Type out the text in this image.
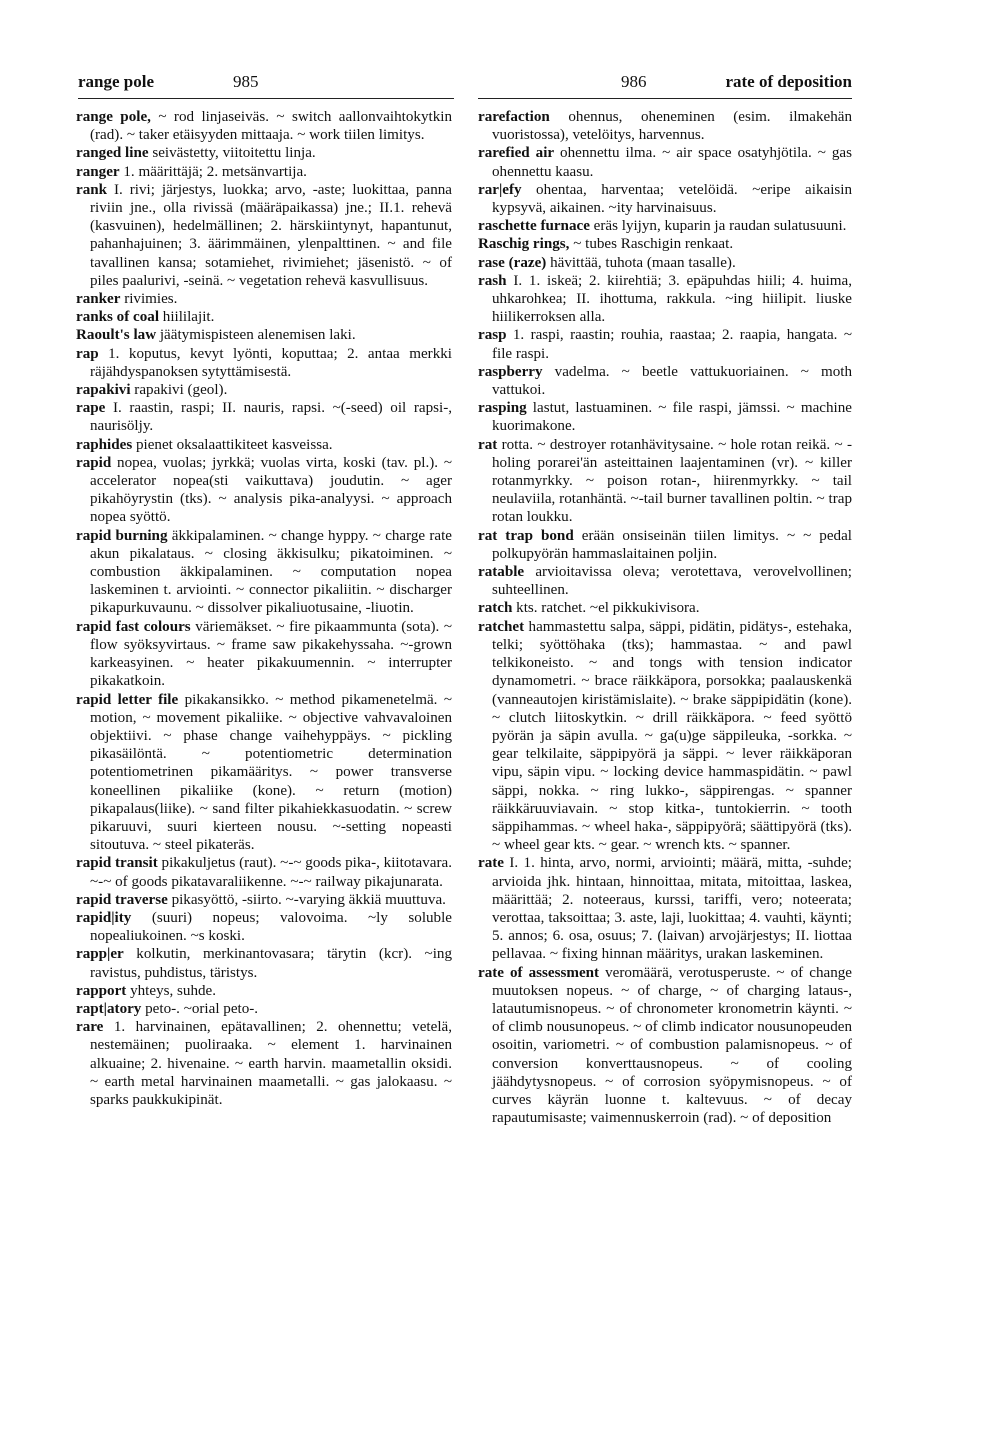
range pole	985	986	rate of deposition

range pole, ~ rod linjaseiväs. ~ switch aallonvaihtokytkin (rad). ~ taker etäisyyden mittaaja. ~ work tiilen limitys.

ranged line seivästetty, viitoitettu linja.

ranger 1. määrittäjä; 2. metsänvartija.

rank I. rivi; järjestys, luokka; arvo, -aste; luokittaa, panna riviin jne., olla rivissä (määräpaikassa) jne.; II.1. rehevä (kasvuinen), hedelmällinen; 2. härskiintynyt, hapantunut, pahanhajuinen; 3. äärimmäinen, ylenpalttinen. ~ and file tavallinen kansa; sotamiehet, rivimiehet; jäsenistö. ~ of piles paalurivi, -seinä. ~ vegetation rehevä kasvullisuus.

ranker rivimies.

ranks of coal hiililajit.

Raoult's law jäätymispisteen alenemisen laki.

rap 1. koputus, kevyt lyönti, koputtaa; 2. antaa merkki räjähdyspanoksen sytyttämisestä.

rapakivi rapakivi (geol).

rape I. raastin, raspi; II. nauris, rapsi. ~(-seed) oil rapsi-, naurisöljy.

raphides pienet oksalaattikiteet kasveissa.

rapid nopea, vuolas; jyrkkä; vuolas virta, koski (tav. pl.). ~ accelerator nopea(sti vaikuttava) joudutin. ~ ager pikahöyrystin (tks). ~ analysis pika-analyysi. ~ approach nopea syöttö.

rapid burning äkkipalaminen. ~ change hyppy. ~ charge rate akun pikalataus. ~ closing äkkisulku; pikatoiminen. ~ combustion äkkipalaminen. ~ computation nopea laskeminen t. arviointi. ~ connector pikaliitin. ~ discharger pikapurkuvaunu. ~ dissolver pikaliuotusaine, -liuotin.

rapid fast colours väriemäkset. ~ fire pikaammunta (sota). ~ flow syöksyvirtaus. ~ frame saw pikakehyssaha. ~-grown karkeasyinen. ~ heater pikakuumennin. ~ interrupter pikakatkoin.

rapid letter file pikakansikko. ~ method pikamenetelmä. ~ motion, ~ movement pikaliike. ~ objective vahvavaloinen objektiivi. ~ phase change vaihehyppäys. ~ pickling pikasäilöntä. ~ potentiometric determination potentiometrinen pikamääritys. ~ power transverse koneellinen pikaliike (kone). ~ return (motion) pikapalaus(liike). ~ sand filter pikahiekkasuodatin. ~ screw pikaruuvi, suuri kierteen nousu. ~-setting nopeasti sitoutuva. ~ steel pikateräs.

rapid transit pikakuljetus (raut). ~-~ goods pika-, kiitotavara. ~-~ of goods pikatavaraliikenne. ~-~ railway pikajunarata.

rapid traverse pikasyöttö, -siirto. ~-varying äkkiä muuttuva.

rapid|ity (suuri) nopeus; valovoima. ~ly soluble nopealiukoinen. ~s koski.

rapp|er kolkutin, merkinantovasara; tärytin (kcr). ~ing ravistus, puhdistus, täristys.

rapport yhteys, suhde.

rapt|atory peto-. ~orial peto-.

rare 1. harvinainen, epätavallinen; 2. ohennettu; vetelä, nestemäinen; puoliraaka. ~ element 1. harvinainen alkuaine; 2. hivenaine. ~ earth harvin. maametallin oksidi. ~ earth metal harvinainen maametalli. ~ gas jalokaasu. ~ sparks paukkukipinät.

rarefaction ohennus, oheneminen (esim. ilmakehän vuoristossa), vetelöitys, harvennus.

rarefied air ohennettu ilma. ~ air space osatyhjötila. ~ gas ohennettu kaasu.

rar|efy ohentaa, harventaa; vetelöidä. ~eripe aikaisin kypsyvä, aikainen. ~ity harvinaisuus.

raschette furnace eräs lyijyn, kuparin ja raudan sulatusuuni.

Raschig rings, ~ tubes Raschigin renkaat.

rase (raze) hävittää, tuhota (maan tasalle).

rash I. 1. iskeä; 2. kiirehtiä; 3. epäpuhdas hiili; 4. huima, uhkarohkea; II. ihottuma, rakkula. ~ing hiilipit. liuske hiilikerroksen alla.

rasp 1. raspi, raastin; rouhia, raastaa; 2. raapia, hangata. ~ file raspi.

raspberry vadelma. ~ beetle vattukuoriainen. ~ moth vattukoi.

rasping lastut, lastuaminen. ~ file raspi, jämssi. ~ machine kuorimakone.

rat rotta. ~ destroyer rotanhävitysaine. ~ hole rotan reikä. ~ -holing porarei'än asteittainen laajentaminen (vr). ~ killer rotanmyrkky. ~ poison rotan-, hiirenmyrkky. ~ tail neulaviila, rotanhäntä. ~-tail burner tavallinen poltin. ~ trap rotan loukku.

rat trap bond erään onsiseinän tiilen limitys. ~ ~ pedal polkupyörän hammaslaitainen poljin.

ratable arvioitavissa oleva; verotettava, verovelvollinen; suhteellinen.

ratch kts. ratchet. ~el pikkukivisora.

ratchet hammastettu salpa, säppi, pidätin, pidätys-, estehaka, telki; syöttöhaka (tks); hammastaa. ~ and pawl telkikoneisto. ~ and tongs with tension indicator dynamometri. ~ brace räikkäpora, porsokka; paalauskenkä (vanneautojen kiristämislaite). ~ brake säppipidätin (kone). ~ clutch liitoskytkin. ~ drill räikkäpora. ~ feed syöttö pyörän ja säpin avulla. ~ ga(u)ge säppileuka, -sorkka. ~ gear telkilaite, säppipyörä ja säppi. ~ lever räikkäporan vipu, säpin vipu. ~ locking device hammaspidätin. ~ pawl säppi, nokka. ~ ring lukko-, säppirengas. ~ spanner räikkäruuviavain. ~ stop kitka-, tuntokierrin. ~ tooth säppihammas. ~ wheel haka-, säppipyörä; säättipyörä (tks). ~ wheel gear kts. ~ gear. ~ wrench kts. ~ spanner.

rate I. 1. hinta, arvo, normi, arviointi; määrä, mitta, -suhde; arvioida jhk. hintaan, hinnoittaa, mitata, mitoittaa, laskea, määrittää; 2. noteeraus, kurssi, tariffi, vero; noteerata; verottaa, taksoittaa; 3. aste, laji, luokittaa; 4. vauhti, käynti; 5. annos; 6. osa, osuus; 7. (laivan) arvojärjestys; II. liottaa pellavaa. ~ fixing hinnan määritys, urakan laskeminen.

rate of assessment veromäärä, verotusperuste. ~ of change muutoksen nopeus. ~ of charge, ~ of charging lataus-, latautumisnopeus. ~ of chronometer kronometrin käynti. ~ of climb nousunopeus. ~ of climb indicator nousunopeuden osoitin, variometri. ~ of combustion palamisnopeus. ~ of conversion konverttausnopeus. ~ of cooling jäähdytysnopeus. ~ of corrosion syöpymisnopeus. ~ of curves käyrän luonne t. kaltevuus. ~ of decay rapautumisaste; vaimennuskerroin (rad). ~ of deposition
